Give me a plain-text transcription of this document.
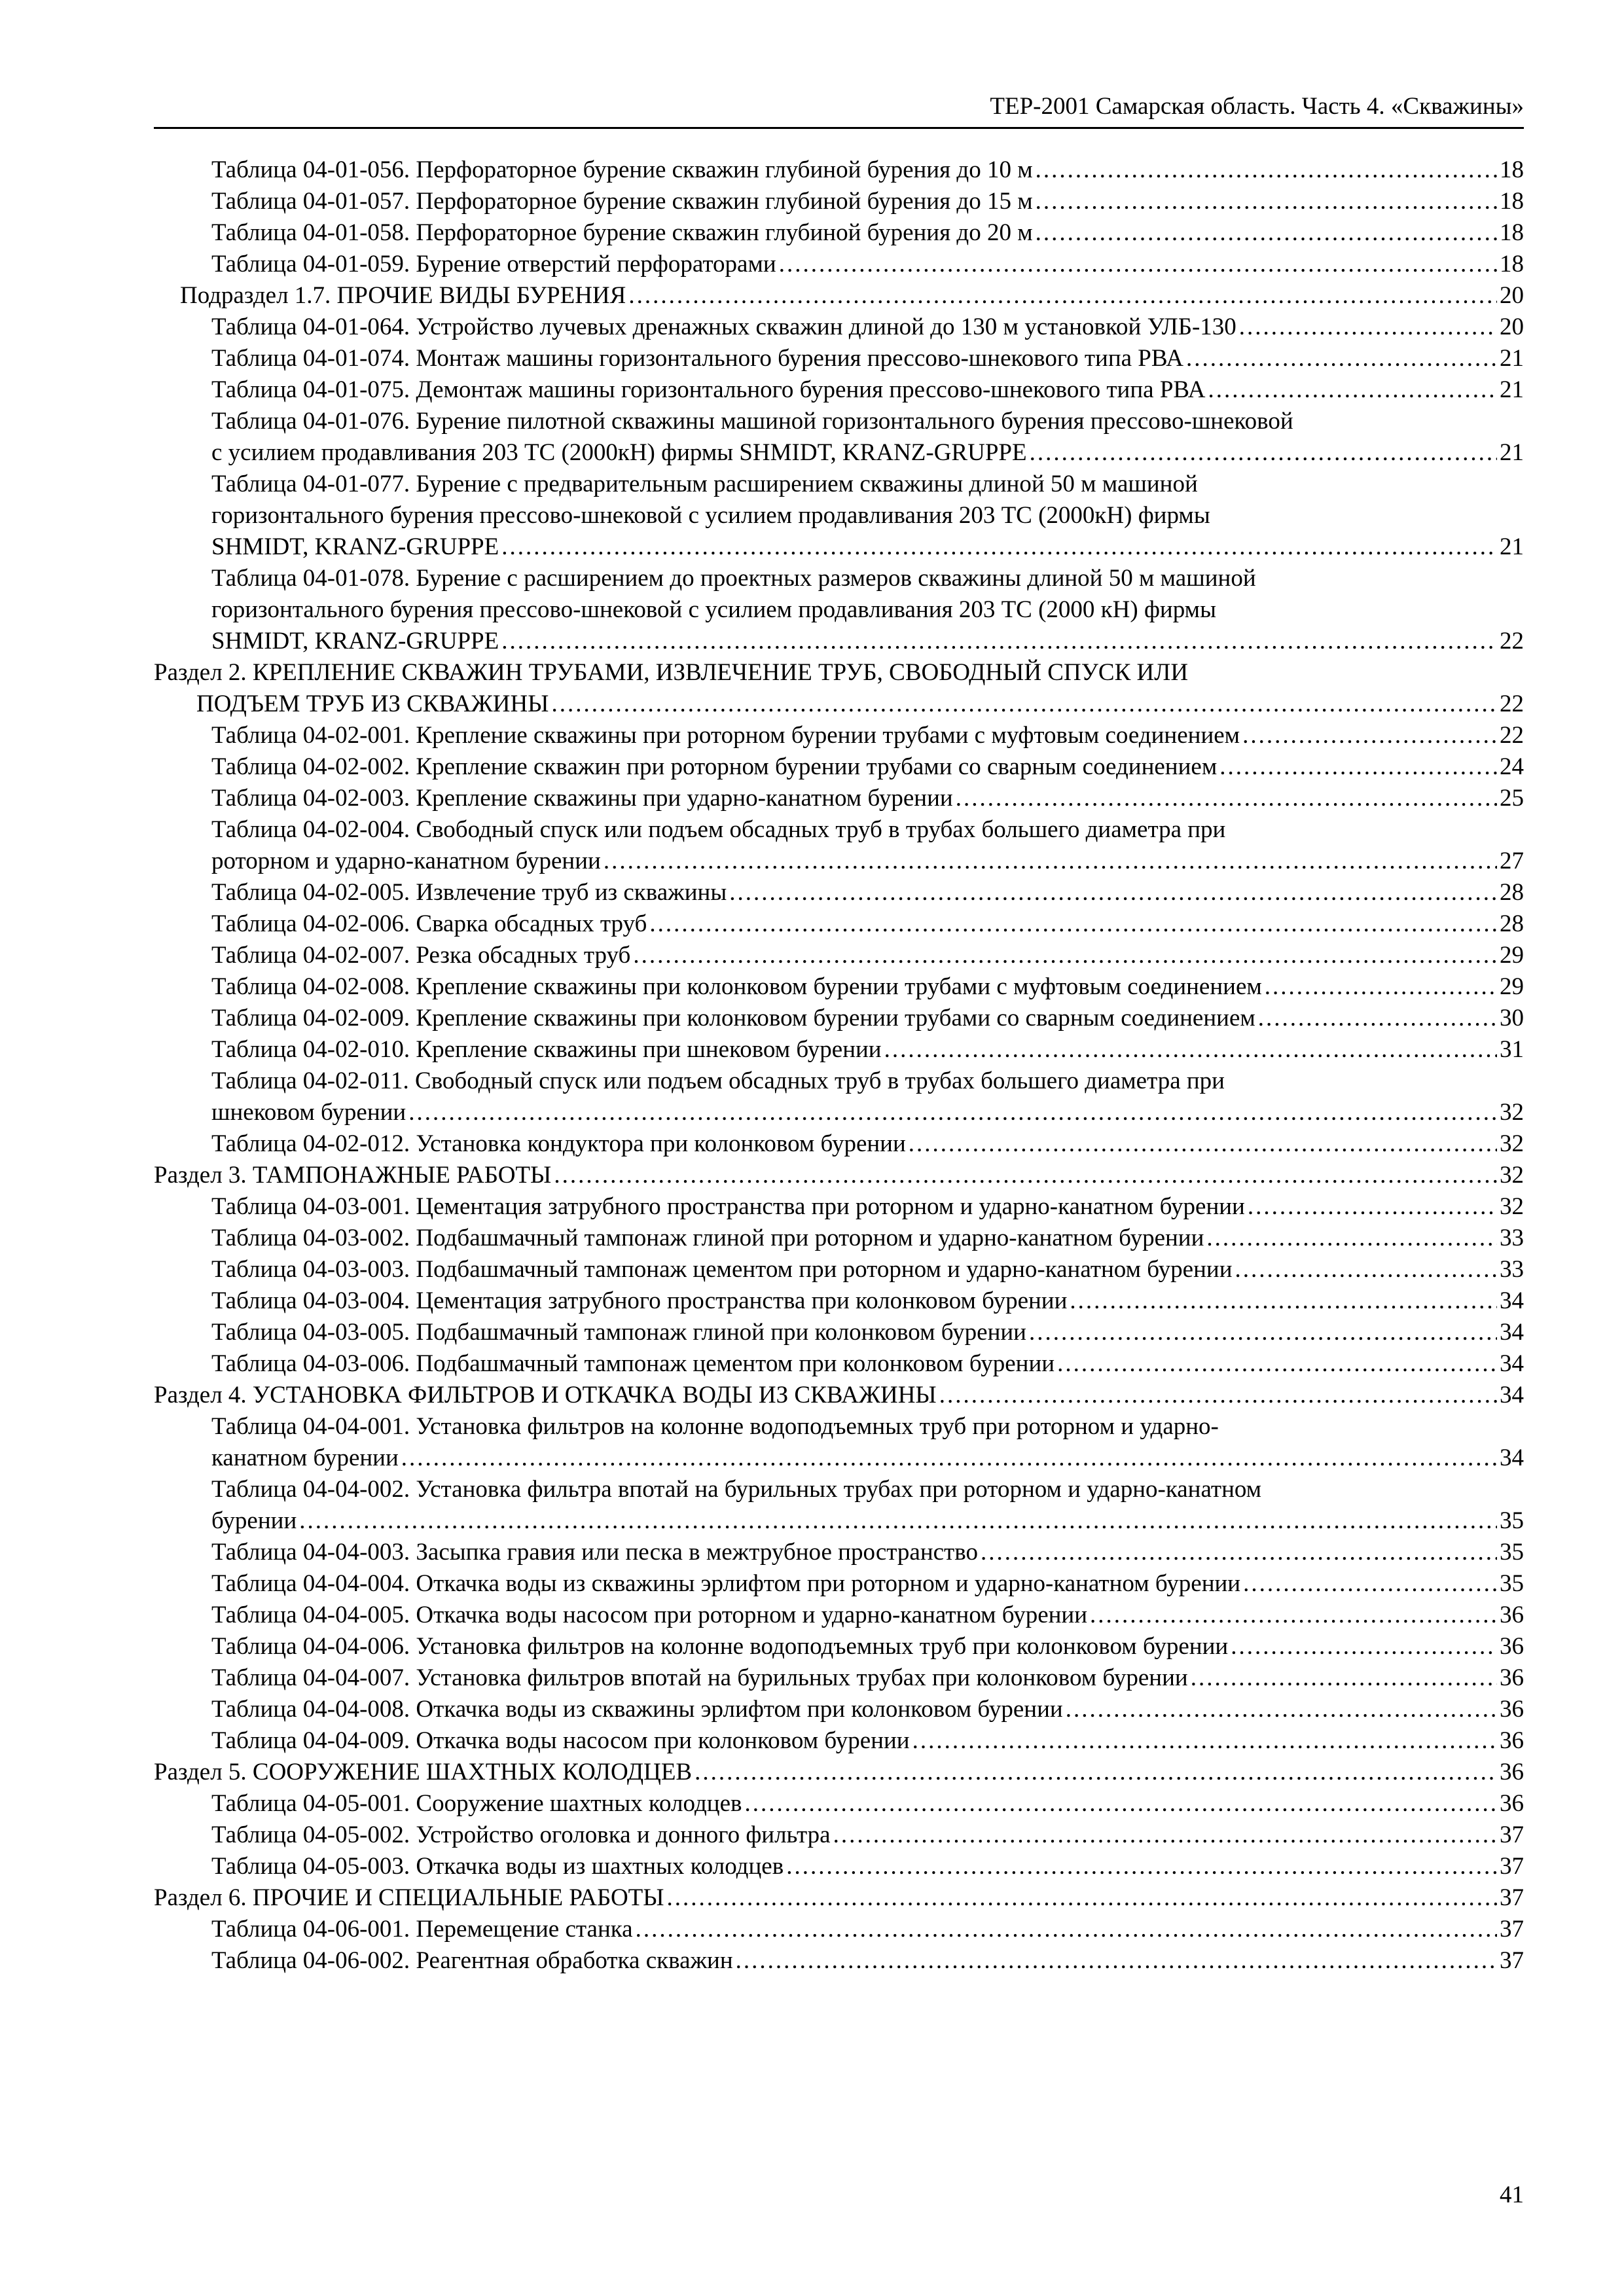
ТЕР-2001 Самарская область. Часть 4. «Скважины»
Таблица 04-01-056. Перфораторное бурение скважин глубиной бурения до 10 м .....	18
Таблица 04-01-057. Перфораторное бурение скважин глубиной бурения до 15 м .....	18
Таблица 04-01-058. Перфораторное бурение скважин глубиной бурения до 20 м .....	18
Таблица 04-01-059. Бурение отверстий перфораторами .....	18
Подраздел 1.7. ПРОЧИЕ ВИДЫ БУРЕНИЯ .....	20
Таблица 04-01-064. Устройство лучевых дренажных скважин длиной до 130 м установкой УЛБ-130 .....	20
Таблица 04-01-074. Монтаж машины горизонтального бурения прессово-шнекового типа РВА .....	21
Таблица 04-01-075. Демонтаж машины горизонтального бурения прессово-шнекового типа РВА .....	21
Таблица 04-01-076. Бурение пилотной скважины машиной горизонтального бурения прессово-шнековой
с усилием продавливания 203 ТС (2000кН) фирмы SHMIDT, KRANZ-GRUPPE .....	21
Таблица 04-01-077. Бурение с предварительным расширением скважины длиной 50 м машиной
горизонтального бурения прессово-шнековой с усилием продавливания 203 ТС (2000кН) фирмы
SHMIDT, KRANZ-GRUPPE .....	21
Таблица 04-01-078. Бурение с расширением до проектных размеров скважины длиной 50 м машиной
горизонтального бурения прессово-шнековой с усилием продавливания 203 ТС (2000 кН) фирмы
SHMIDT, KRANZ-GRUPPE .....	22
Раздел 2. КРЕПЛЕНИЕ СКВАЖИН ТРУБАМИ, ИЗВЛЕЧЕНИЕ ТРУБ, СВОБОДНЫЙ СПУСК ИЛИ
ПОДЪЕМ ТРУБ ИЗ СКВАЖИНЫ .....	22
Таблица 04-02-001. Крепление скважины при роторном бурении трубами с муфтовым соединением .....	22
Таблица 04-02-002. Крепление скважин при роторном бурении трубами со сварным соединением .....	24
Таблица 04-02-003. Крепление скважины при ударно-канатном бурении .....	25
Таблица 04-02-004. Свободный спуск или подъем обсадных труб в трубах большего диаметра при
роторном и ударно-канатном бурении .....	27
Таблица 04-02-005. Извлечение труб из скважины .....	28
Таблица 04-02-006. Сварка обсадных труб .....	28
Таблица 04-02-007. Резка обсадных труб .....	29
Таблица 04-02-008. Крепление скважины при колонковом бурении трубами с муфтовым соединением .....	29
Таблица 04-02-009. Крепление скважины при колонковом бурении трубами со сварным соединением .....	30
Таблица 04-02-010. Крепление скважины при шнековом бурении .....	31
Таблица 04-02-011. Свободный спуск или подъем обсадных труб в трубах большего диаметра при
шнековом бурении .....	32
Таблица 04-02-012. Установка кондуктора при колонковом бурении .....	32
Раздел 3. ТАМПОНАЖНЫЕ РАБОТЫ .....	32
Таблица 04-03-001. Цементация затрубного пространства при роторном и ударно-канатном бурении .....	32
Таблица 04-03-002. Подбашмачный тампонаж глиной при роторном и ударно-канатном бурении .....	33
Таблица 04-03-003. Подбашмачный тампонаж цементом при роторном и ударно-канатном бурении .....	33
Таблица 04-03-004. Цементация затрубного пространства при колонковом бурении .....	34
Таблица 04-03-005. Подбашмачный тампонаж глиной при колонковом бурении .....	34
Таблица 04-03-006. Подбашмачный тампонаж цементом при колонковом бурении .....	34
Раздел 4. УСТАНОВКА ФИЛЬТРОВ И ОТКАЧКА ВОДЫ ИЗ СКВАЖИНЫ .....	34
Таблица 04-04-001. Установка фильтров на колонне водоподъемных труб при роторном и ударно-
канатном бурении .....	34
Таблица 04-04-002. Установка фильтра впотай на бурильных трубах при роторном и ударно-канатном
бурении .....	35
Таблица 04-04-003. Засыпка гравия или песка в межтрубное пространство .....	35
Таблица 04-04-004. Откачка воды из скважины эрлифтом при роторном и ударно-канатном бурении .....	35
Таблица 04-04-005. Откачка воды насосом при роторном и ударно-канатном бурении .....	36
Таблица 04-04-006. Установка фильтров на колонне водоподъемных труб при колонковом бурении .....	36
Таблица 04-04-007. Установка фильтров впотай на бурильных трубах при колонковом бурении .....	36
Таблица 04-04-008. Откачка воды из скважины эрлифтом при колонковом бурении .....	36
Таблица 04-04-009. Откачка воды насосом при колонковом бурении .....	36
Раздел 5. СООРУЖЕНИЕ ШАХТНЫХ КОЛОДЦЕВ .....	36
Таблица 04-05-001. Сооружение шахтных колодцев .....	36
Таблица 04-05-002. Устройство оголовка и донного фильтра .....	37
Таблица 04-05-003. Откачка воды из шахтных колодцев .....	37
Раздел 6. ПРОЧИЕ И СПЕЦИАЛЬНЫЕ РАБОТЫ .....	37
Таблица 04-06-001. Перемещение станка .....	37
Таблица 04-06-002. Реагентная обработка скважин .....	37
41
